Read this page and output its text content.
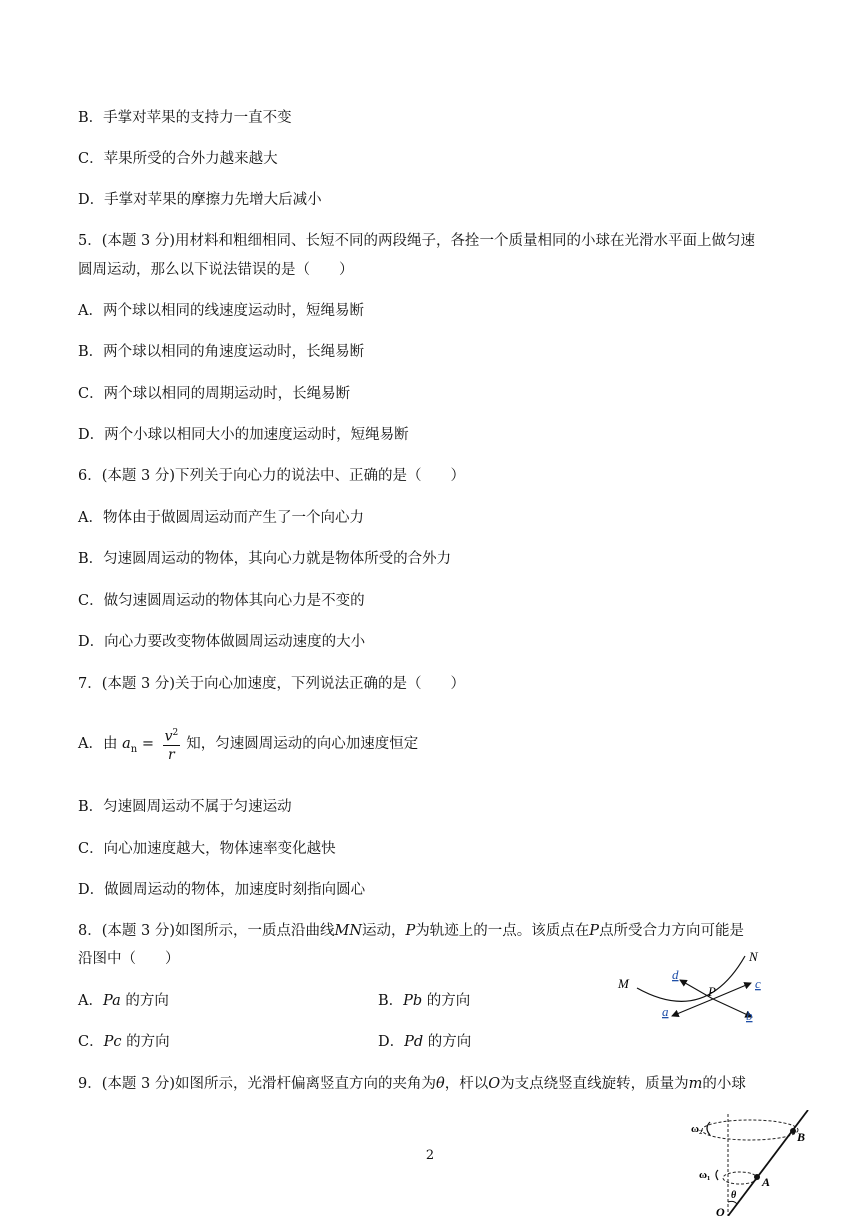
B．手掌对苹果的支持力一直不变
C．苹果所受的合外力越来越大
D．手掌对苹果的摩擦力先增大后减小
5．(本题 3 分)用材料和粗细相同、长短不同的两段绳子，各拴一个质量相同的小球在光滑水平面上做匀速
圆周运动，那么以下说法错误的是（　　）
A．两个球以相同的线速度运动时，短绳易断
B．两个球以相同的角速度运动时，长绳易断
C．两个球以相同的周期运动时，长绳易断
D．两个小球以相同大小的加速度运动时，短绳易断
6．(本题 3 分)下列关于向心力的说法中、正确的是（　　）
A．物体由于做圆周运动而产生了一个向心力
B．匀速圆周运动的物体，其向心力就是物体所受的合外力
C．做匀速圆周运动的物体其向心力是不变的
D．向心力要改变物体做圆周运动速度的大小
7．(本题 3 分)关于向心加速度，下列说法正确的是（　　）
A．由 $a_n = \frac{v^2}{r}$ 知，匀速圆周运动的向心加速度恒定
B．匀速圆周运动不属于匀速运动
C．向心加速度越大，物体速率变化越快
D．做圆周运动的物体，加速度时刻指向圆心
8．(本题 3 分)如图所示，一质点沿曲线MN运动，P为轨迹上的一点。该质点在P点所受合力方向可能是
沿图中（　　）
A．Pa 的方向	B．Pb 的方向
C．Pc 的方向	D．Pd 的方向
M
N
P
d
a	b
c
9．(本题 3 分)如图所示，光滑杆偏离竖直方向的夹角为θ，杆以O为支点绕竖直线旋转，质量为m的小球
ω₂
ω₁
B
A
θ
O
2
